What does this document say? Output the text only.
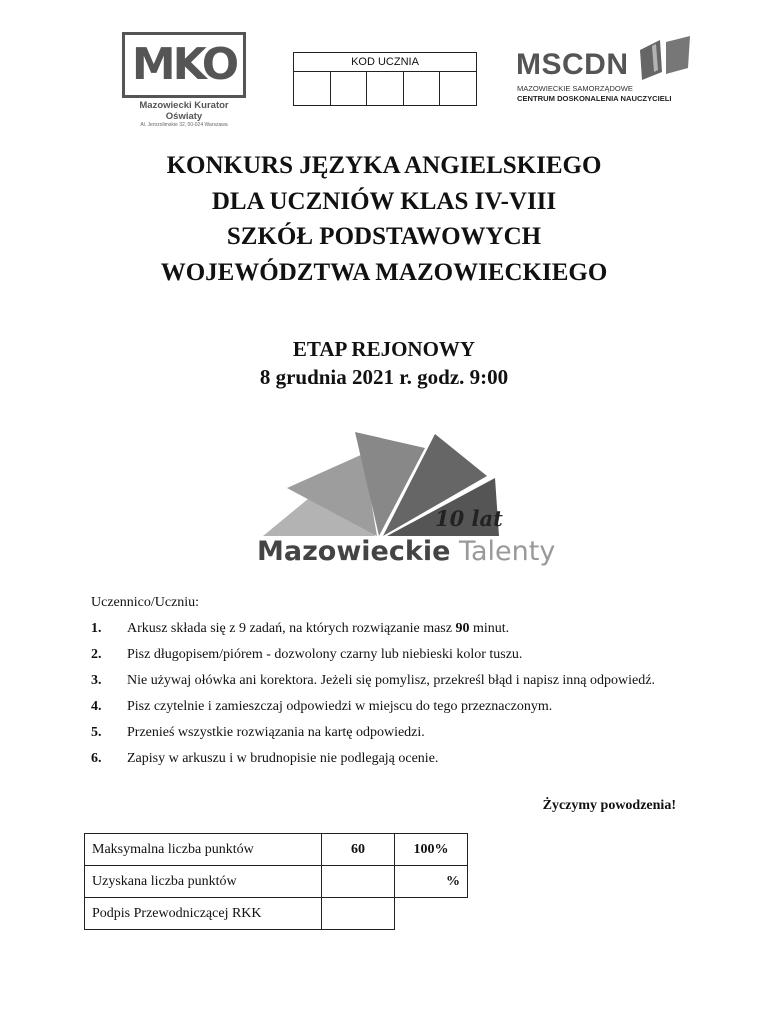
MKO
Mazowiecki Kurator Oświaty
Al. Jerozolimskie 32, 00-024 Warszawa
KOD UCZNIA	MSCDN
MAZOWIECKIE SAMORZĄDOWE
CENTRUM DOSKONALENIA NAUCZYCIELI
KONKURS JĘZYKA ANGIELSKIEGO
DLA UCZNIÓW KLAS IV-VIII
SZKÓŁ PODSTAWOWYCH
WOJEWÓDZTWA MAZOWIECKIEGO
ETAP REJONOWY
8 grudnia 2021 r. godz. 9:00
10 lat
Mazowieckie Talenty
Uczennico/Uczniu:
1.	Arkusz składa się z 9 zadań, na których rozwiązanie masz 90 minut.
2.	Pisz długopisem/piórem - dozwolony czarny lub niebieski kolor tuszu.
3.	Nie używaj ołówka ani korektora. Jeżeli się pomylisz, przekreśl błąd i napisz inną odpowiedź.
4.	Pisz czytelnie i zamieszczaj odpowiedzi w miejscu do tego przeznaczonym.
5.	Przenieś wszystkie rozwiązania na kartę odpowiedzi.
6.	Zapisy w arkuszu i w brudnopisie nie podlegają ocenie.
Życzymy powodzenia!
Maksymalna liczba punktów	60	100%
Uzyskana liczba punktów		%
Podpis Przewodniczącej RKK		
